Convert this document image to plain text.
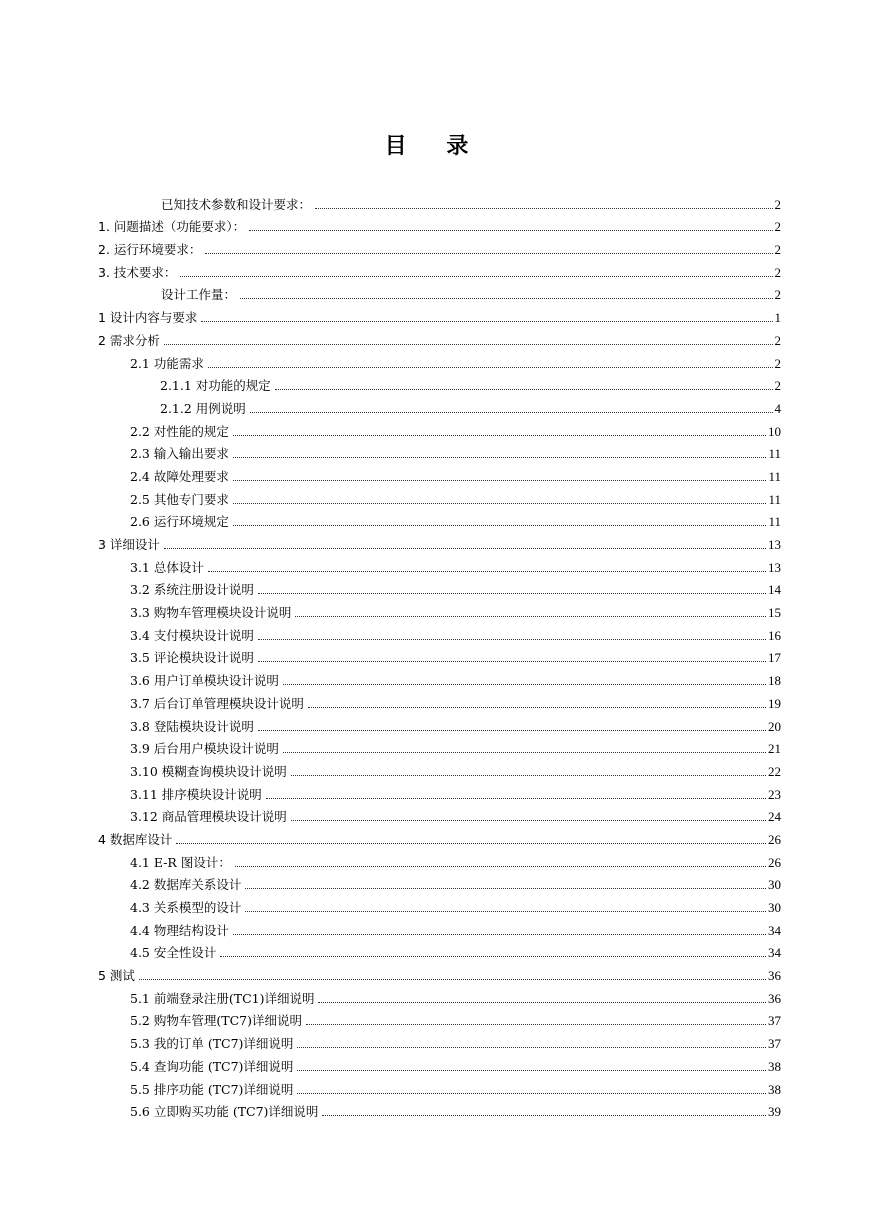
目 录
已知技术参数和设计要求：	2
1. 问题描述（功能要求）：	2
2. 运行环境要求：	2
3. 技术要求：	2
设计工作量：	2
1 设计内容与要求	1
2 需求分析	2
2.1 功能需求	2
2.1.1 对功能的规定	2
2.1.2 用例说明	4
2.2 对性能的规定	10
2.3 输入输出要求	11
2.4 故障处理要求	11
2.5 其他专门要求	11
2.6 运行环境规定	11
3 详细设计	13
3.1 总体设计	13
3.2 系统注册设计说明	14
3.3 购物车管理模块设计说明	15
3.4 支付模块设计说明	16
3.5 评论模块设计说明	17
3.6 用户订单模块设计说明	18
3.7 后台订单管理模块设计说明	19
3.8 登陆模块设计说明	20
3.9 后台用户模块设计说明	21
3.10 模糊查询模块设计说明	22
3.11 排序模块设计说明	23
3.12 商品管理模块设计说明	24
4 数据库设计	26
4.1 E-R 图设计：	26
4.2 数据库关系设计	30
4.3 关系模型的设计	30
4.4 物理结构设计	34
4.5 安全性设计	34
5 测试	36
5.1 前端登录注册(TC1)详细说明	36
5.2 购物车管理(TC7)详细说明	37
5.3 我的订单 (TC7)详细说明	37
5.4 查询功能 (TC7)详细说明	38
5.5 排序功能 (TC7)详细说明	38
5.6 立即购买功能 (TC7)详细说明	39
